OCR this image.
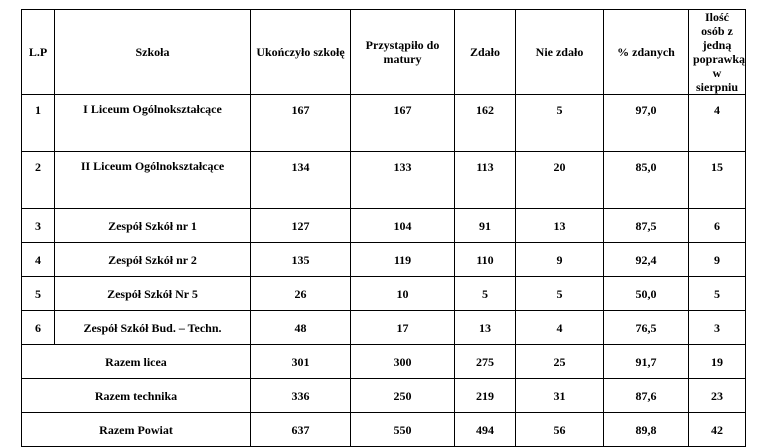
L.P	Szkoła	Ukończyło szkołę	Przystąpiło do matury	Zdało	Nie zdało	% zdanych	Ilość osób z jedną poprawką w sierpniu
1	I Liceum Ogólnokształcące	167	167	162	5	97,0	4
2	II Liceum Ogólnokształcące	134	133	113	20	85,0	15
3	Zespół Szkół nr 1	127	104	91	13	87,5	6
4	Zespół Szkół nr 2	135	119	110	9	92,4	9
5	Zespół Szkół Nr 5	26	10	5	5	50,0	5
6	Zespół Szkół Bud. – Techn.	48	17	13	4	76,5	3
Razem licea		301	300	275	25	91,7	19
Razem technika		336	250	219	31	87,6	23
Razem Powiat		637	550	494	56	89,8	42
